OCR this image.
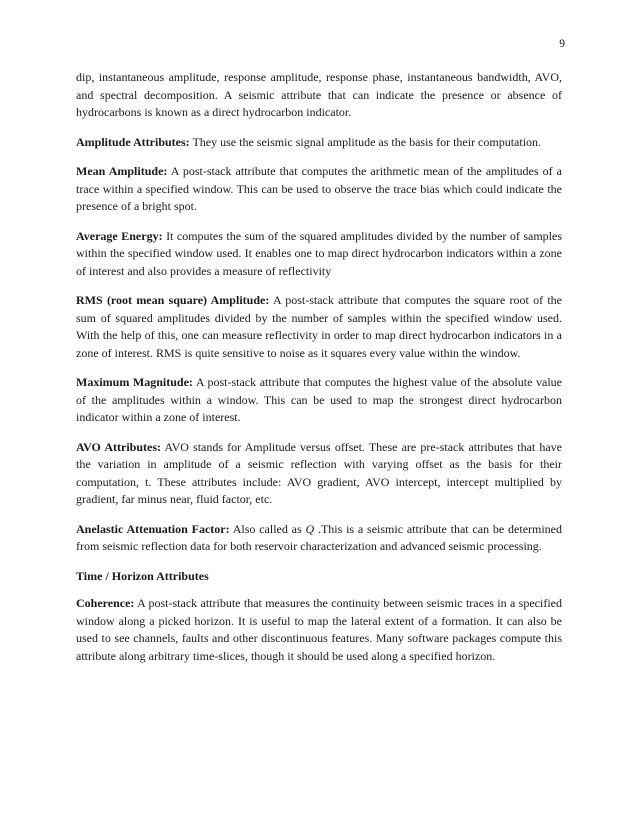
9

dip, instantaneous amplitude, response amplitude, response phase, instantaneous bandwidth, AVO, and spectral decomposition. A seismic attribute that can indicate the presence or absence of hydrocarbons is known as a direct hydrocarbon indicator.

Amplitude Attributes: They use the seismic signal amplitude as the basis for their computation.

Mean Amplitude: A post-stack attribute that computes the arithmetic mean of the amplitudes of a trace within a specified window. This can be used to observe the trace bias which could indicate the presence of a bright spot.

Average Energy: It computes the sum of the squared amplitudes divided by the number of samples within the specified window used. It enables one to map direct hydrocarbon indicators within a zone of interest and also provides a measure of reflectivity

RMS (root mean square) Amplitude: A post-stack attribute that computes the square root of the sum of squared amplitudes divided by the number of samples within the specified window used. With the help of this, one can measure reflectivity in order to map direct hydrocarbon indicators in a zone of interest. RMS is quite sensitive to noise as it squares every value within the window.

Maximum Magnitude: A post-stack attribute that computes the highest value of the absolute value of the amplitudes within a window. This can be used to map the strongest direct hydrocarbon indicator within a zone of interest.

AVO Attributes: AVO stands for Amplitude versus offset. These are pre-stack attributes that have the variation in amplitude of a seismic reflection with varying offset as the basis for their computation, t. These attributes include: AVO gradient, AVO intercept, intercept multiplied by gradient, far minus near, fluid factor, etc.

Anelastic Attenuation Factor: Also called as Q .This is a seismic attribute that can be determined from seismic reflection data for both reservoir characterization and advanced seismic processing.

Time / Horizon Attributes

Coherence: A post-stack attribute that measures the continuity between seismic traces in a specified window along a picked horizon. It is useful to map the lateral extent of a formation. It can also be used to see channels, faults and other discontinuous features. Many software packages compute this attribute along arbitrary time-slices, though it should be used along a specified horizon.
